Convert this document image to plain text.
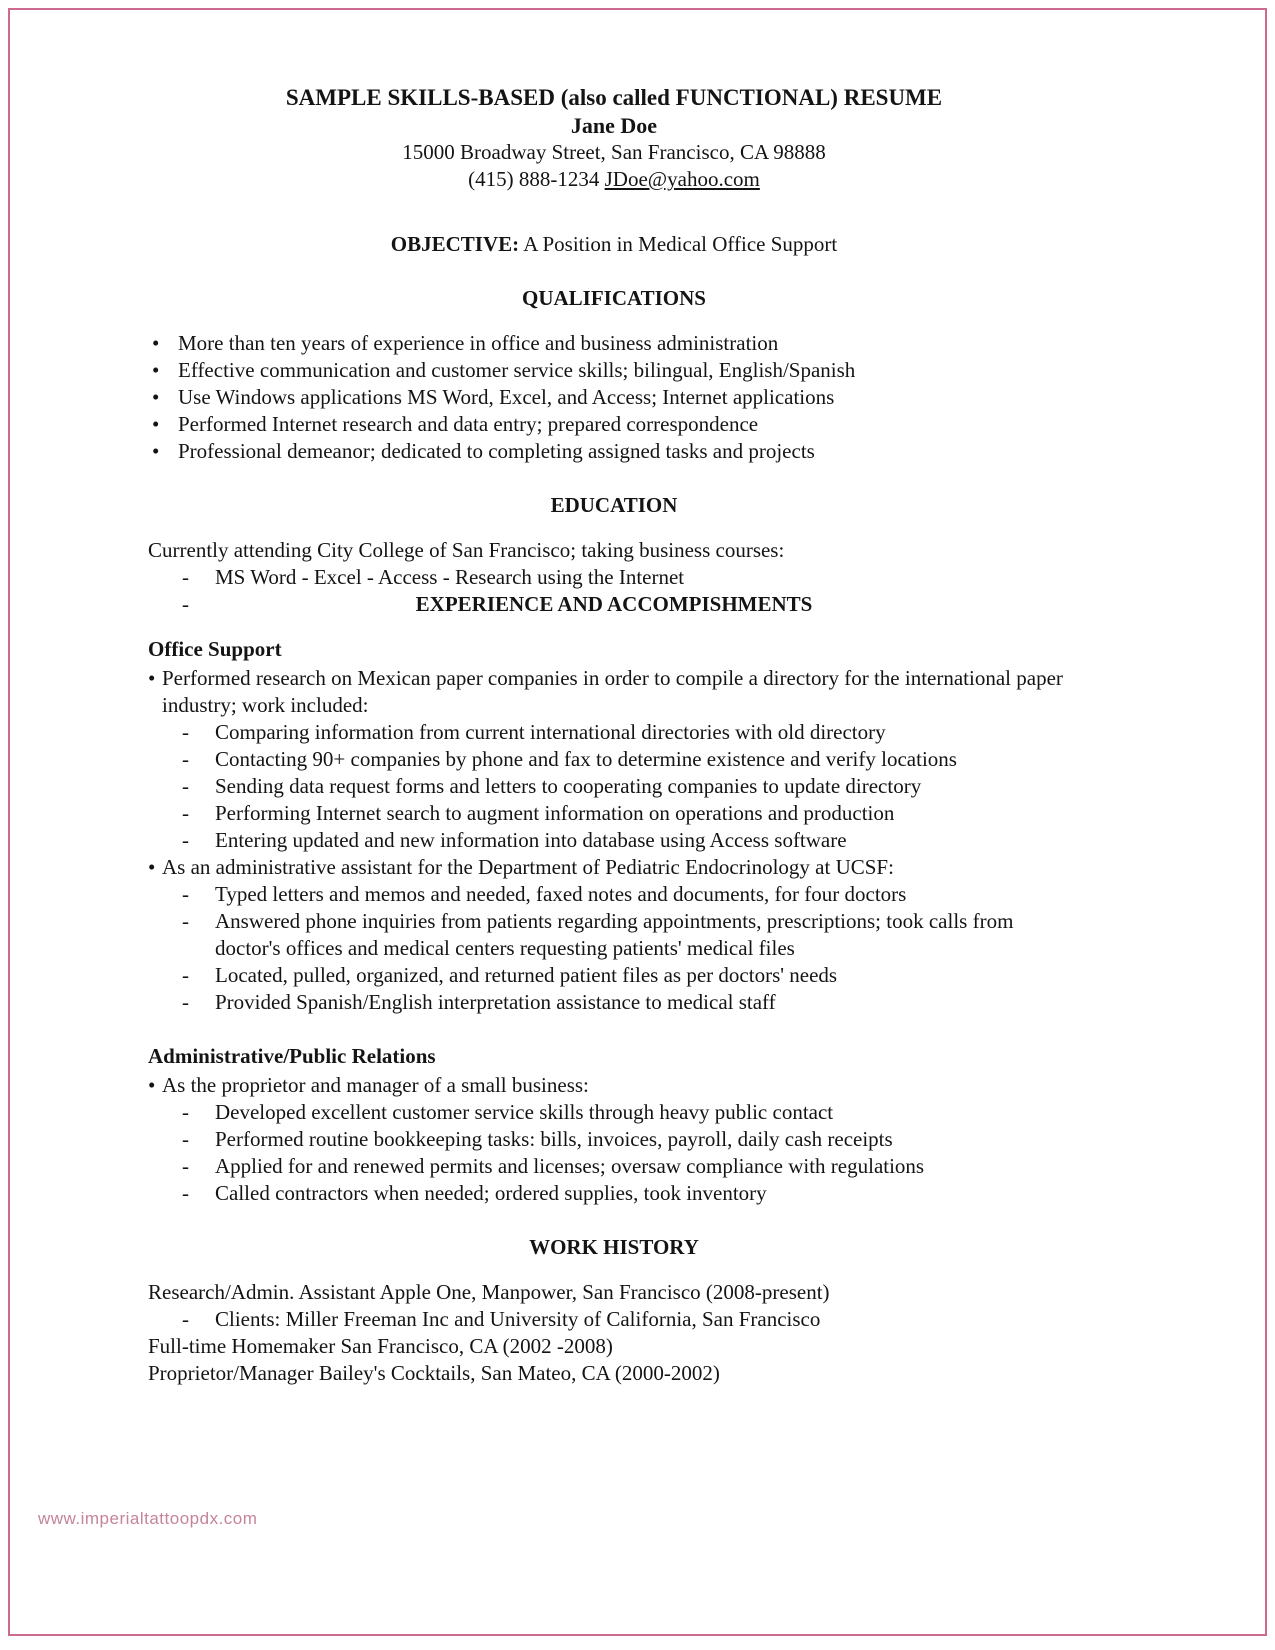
SAMPLE SKILLS-BASED (also called FUNCTIONAL) RESUME

Jane Doe

15000 Broadway Street, San Francisco, CA 98888

(415) 888-1234 JDoe@yahoo.com

OBJECTIVE: A Position in Medical Office Support

QUALIFICATIONS
• More than ten years of experience in office and business administration
• Effective communication and customer service skills; bilingual, English/Spanish
• Use Windows applications MS Word, Excel, and Access; Internet applications
• Performed Internet research and data entry; prepared correspondence
• Professional demeanor; dedicated to completing assigned tasks and projects
EDUCATION

Currently attending City College of San Francisco; taking business courses:

- MS Word - Excel - Access - Research using the Internet
EXPERIENCE AND ACCOMPISHMENTS

Office Support

• Performed research on Mexican paper companies in order to compile a directory for the international paper industry; work included:

- Comparing information from current international directories with old directory
- Contacting 90+ companies by phone and fax to determine existence and verify locations
- Sending data request forms and letters to cooperating companies to update directory
- Performing Internet search to augment information on operations and production
- Entering updated and new information into database using Access software

• As an administrative assistant for the Department of Pediatric Endocrinology at UCSF:

- Typed letters and memos and needed, faxed notes and documents, for four doctors
- Answered phone inquiries from patients regarding appointments, prescriptions; took calls from doctor's offices and medical centers requesting patients' medical files
- Located, pulled, organized, and returned patient files as per doctors' needs
- Provided Spanish/English interpretation assistance to medical staff

Administrative/Public Relations

• As the proprietor and manager of a small business:

- Developed excellent customer service skills through heavy public contact
- Performed routine bookkeeping tasks: bills, invoices, payroll, daily cash receipts
- Applied for and renewed permits and licenses; oversaw compliance with regulations
- Called contractors when needed; ordered supplies, took inventory
WORK HISTORY

Research/Admin. Assistant Apple One, Manpower, San Francisco (2008-present)

- Clients: Miller Freeman Inc and University of California, San Francisco

Full-time Homemaker San Francisco, CA (2002 -2008)

Proprietor/Manager Bailey's Cocktails, San Mateo, CA (2000-2002)

www.imperialtattoopdx.com
